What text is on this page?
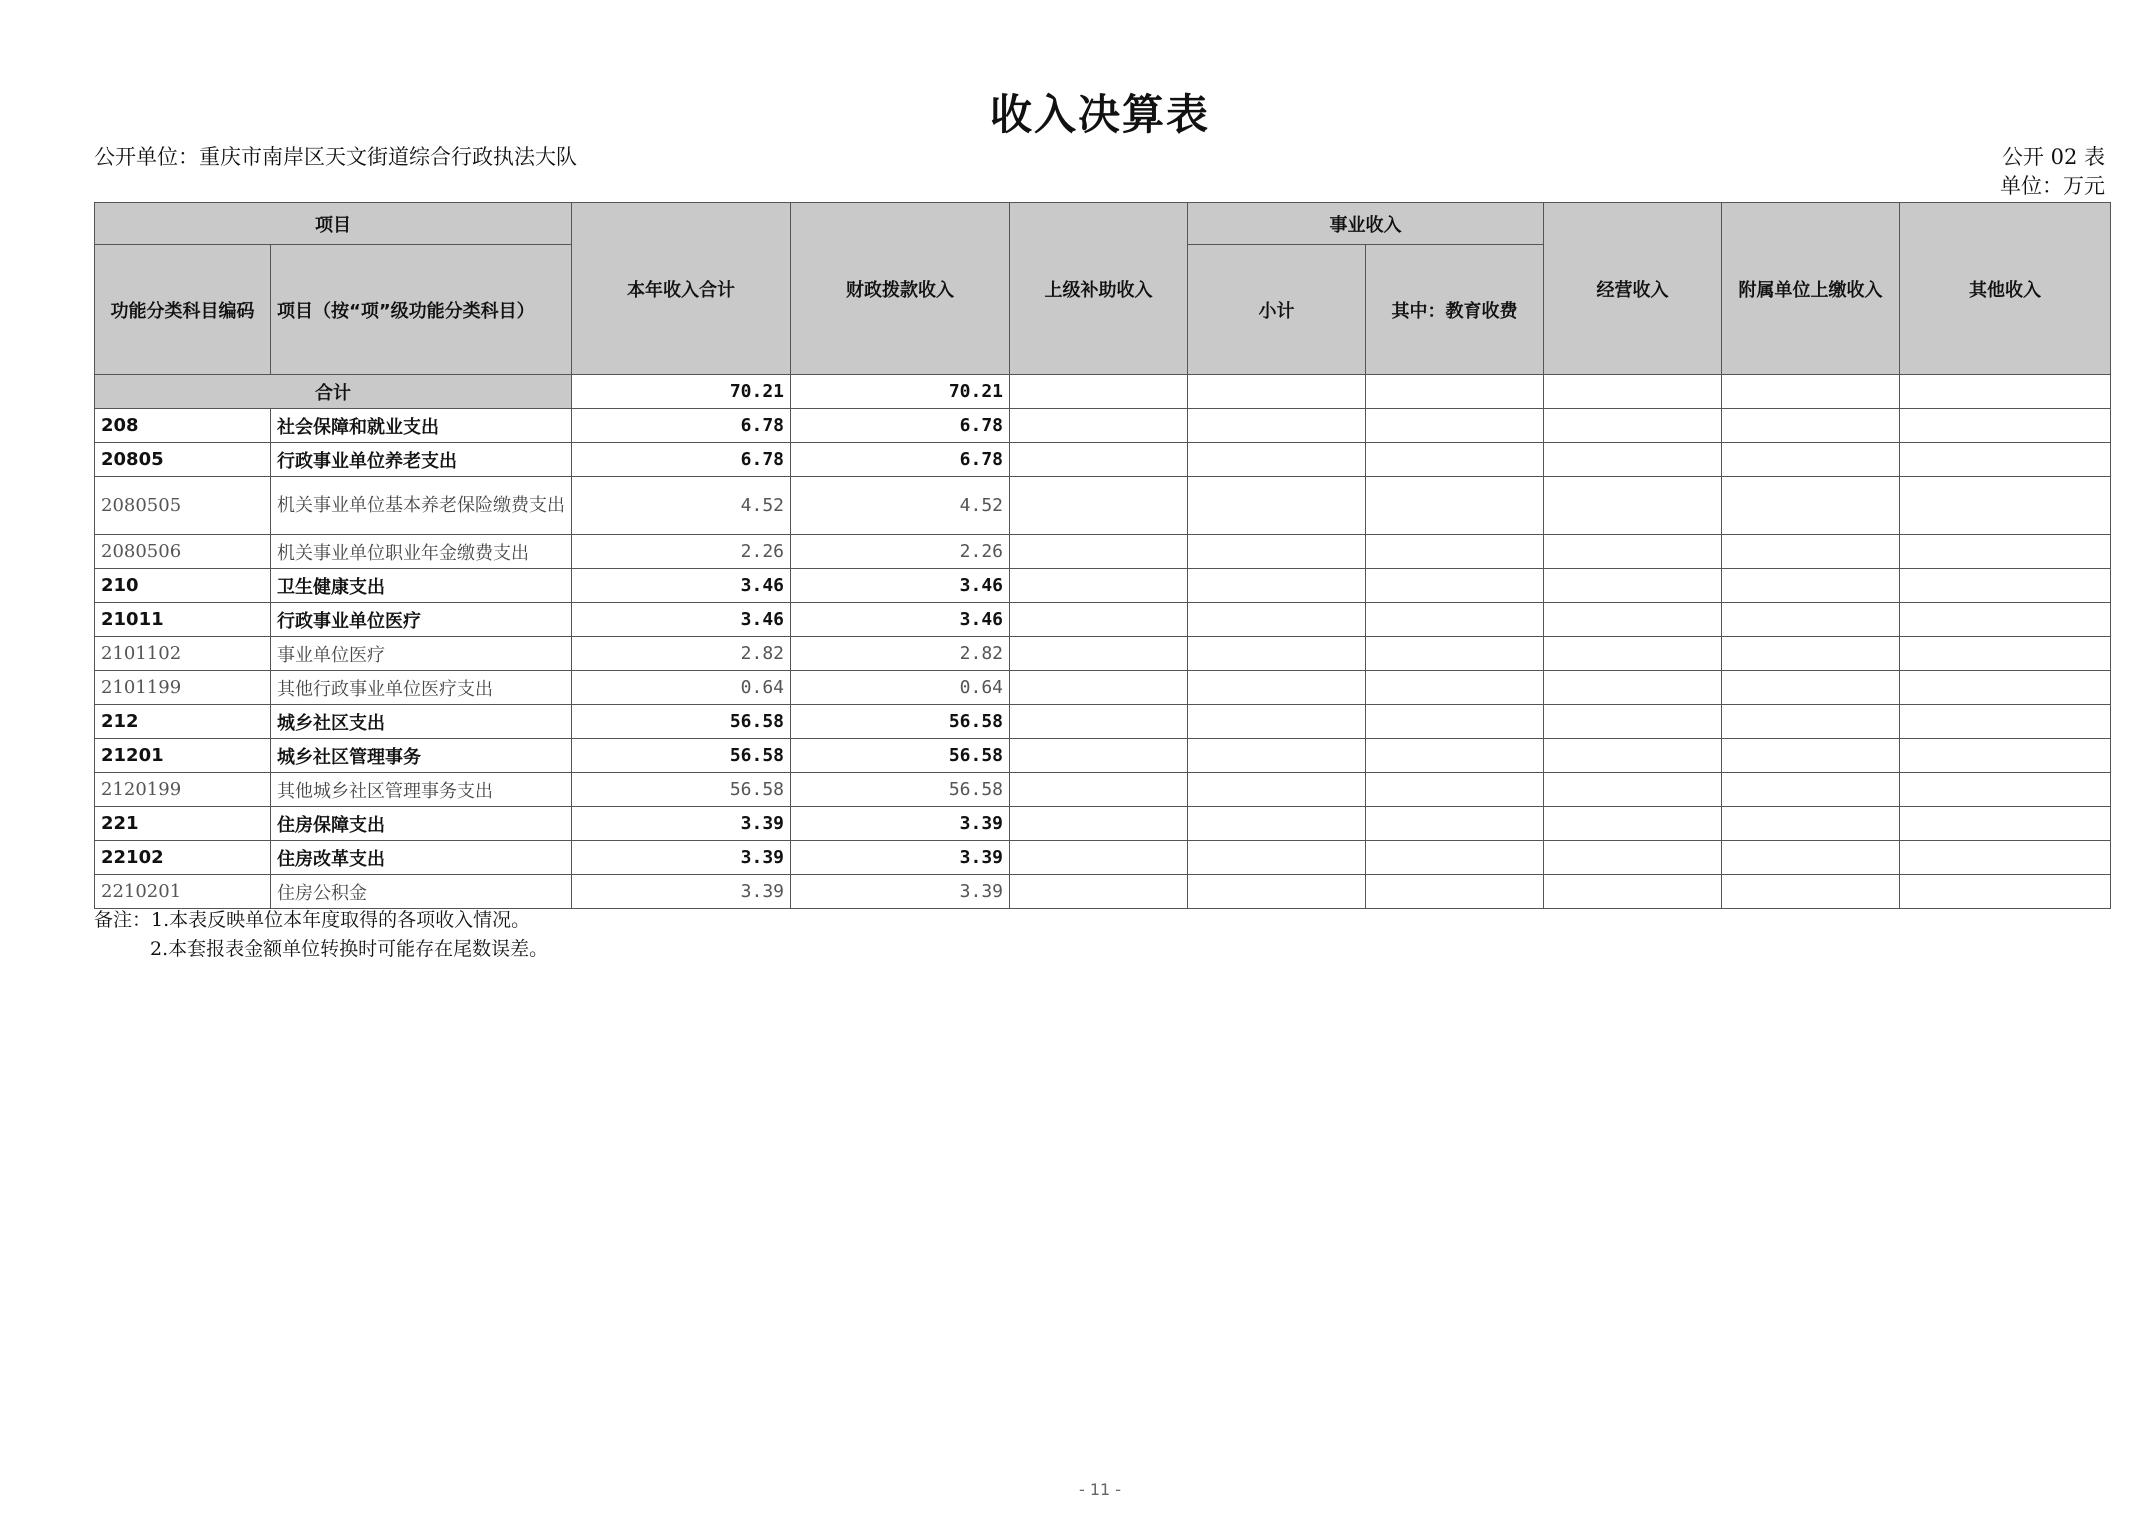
收入决算表
公开单位：重庆市南岸区天文街道综合行政执法大队	公开 02 表
单位：万元
项目		本年收入合计	财政拨款收入	上级补助收入	事业收入		经营收入	附属单位上缴收入	其他收入
功能分类科目编码	项目（按“项”级功能分类科目）				小计	其中：教育收费			
合计		70.21	70.21						
208	社会保障和就业支出	6.78	6.78						
20805	行政事业单位养老支出	6.78	6.78						
2080505	机关事业单位基本养老保险缴费支出	4.52	4.52						
2080506	机关事业单位职业年金缴费支出	2.26	2.26						
210	卫生健康支出	3.46	3.46						
21011	行政事业单位医疗	3.46	3.46						
2101102	事业单位医疗	2.82	2.82						
2101199	其他行政事业单位医疗支出	0.64	0.64						
212	城乡社区支出	56.58	56.58						
21201	城乡社区管理事务	56.58	56.58						
2120199	其他城乡社区管理事务支出	56.58	56.58						
221	住房保障支出	3.39	3.39						
22102	住房改革支出	3.39	3.39						
2210201	住房公积金	3.39	3.39						
备注：1.本表反映单位本年度取得的各项收入情况。
2.本套报表金额单位转换时可能存在尾数误差。
- 11 -
